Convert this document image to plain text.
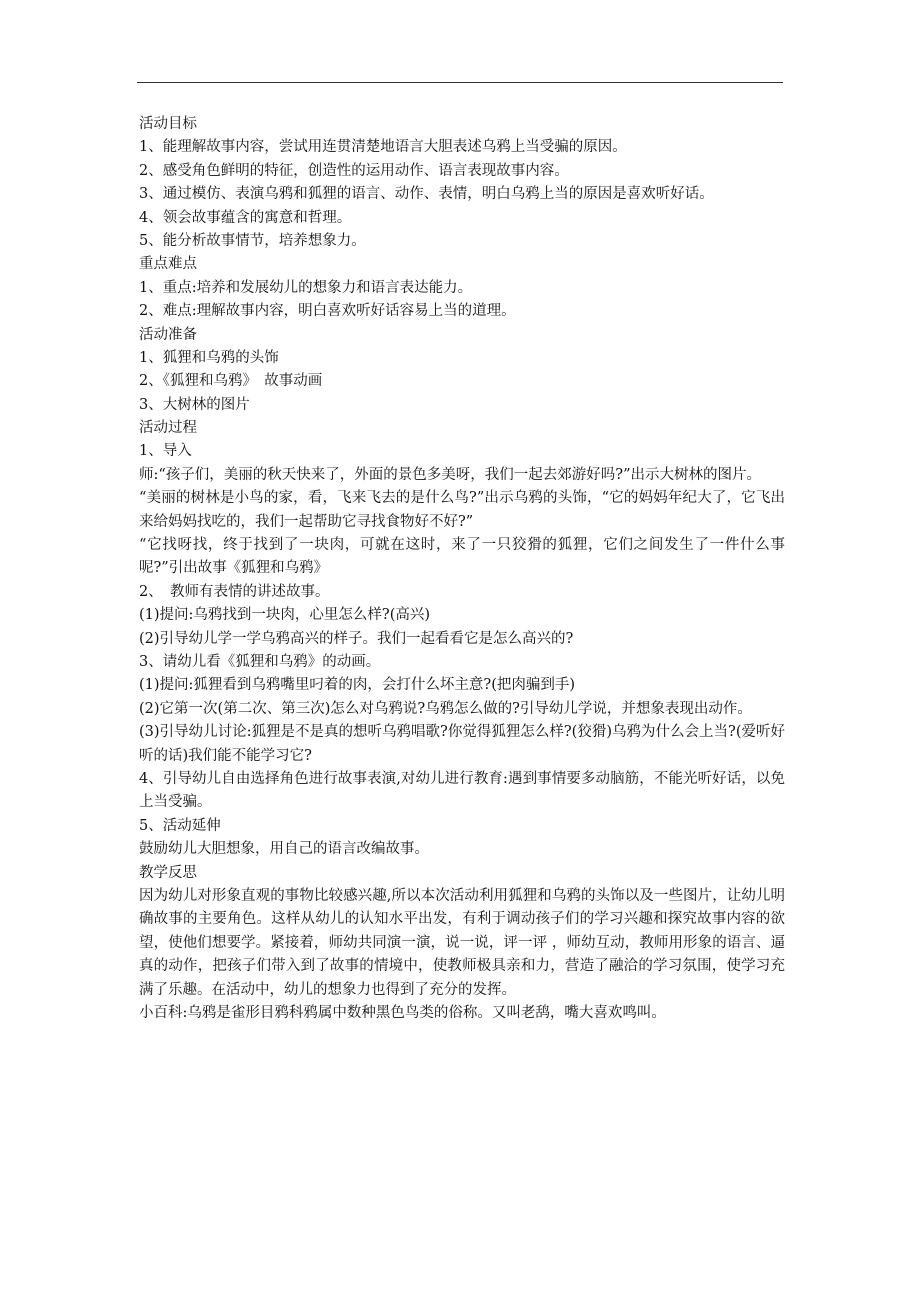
活动目标
1、能理解故事内容，尝试用连贯清楚地语言大胆表述乌鸦上当受骗的原因。
2、感受角色鲜明的特征，创造性的运用动作、语言表现故事内容。
3、通过模仿、表演乌鸦和狐狸的语言、动作、表情，明白乌鸦上当的原因是喜欢听好话。
4、领会故事蕴含的寓意和哲理。
5、能分析故事情节，培养想象力。
重点难点
1、重点:培养和发展幼儿的想象力和语言表达能力。
2、难点:理解故事内容，明白喜欢听好话容易上当的道理。
活动准备
1、狐狸和乌鸦的头饰
2、《狐狸和乌鸦》　故事动画
3、大树林的图片
活动过程
1、导入
师:“孩子们，美丽的秋天快来了，外面的景色多美呀，我们一起去郊游好吗?”出示大树林的图片。
“美丽的树林是小鸟的家，看，飞来飞去的是什么鸟?”出示乌鸦的头饰，“它的妈妈年纪大了，它飞出来给妈妈找吃的，我们一起帮助它寻找食物好不好?”
“它找呀找，终于找到了一块肉，可就在这时，来了一只狡猾的狐狸，它们之间发生了一件什么事呢?”引出故事《狐狸和乌鸦》
2、　教师有表情的讲述故事。
(1)提问:乌鸦找到一块肉，心里怎么样?(高兴)
(2)引导幼儿学一学乌鸦高兴的样子。我们一起看看它是怎么高兴的?
3、请幼儿看《狐狸和乌鸦》的动画。
(1)提问:狐狸看到乌鸦嘴里叼着的肉，会打什么坏主意?(把肉骗到手)
(2)它第一次(第二次、第三次)怎么对乌鸦说?乌鸦怎么做的?引导幼儿学说，并想象表现出动作。
(3)引导幼儿讨论:狐狸是不是真的想听乌鸦唱歌?你觉得狐狸怎么样?(狡猾)乌鸦为什么会上当?(爱听好听的话)我们能不能学习它?
4、引导幼儿自由选择角色进行故事表演,对幼儿进行教育:遇到事情要多动脑筋，不能光听好话，以免上当受骗。
5、活动延伸
鼓励幼儿大胆想象，用自己的语言改编故事。
教学反思
因为幼儿对形象直观的事物比较感兴趣,所以本次活动利用狐狸和乌鸦的头饰以及一些图片，让幼儿明确故事的主要角色。这样从幼儿的认知水平出发，有利于调动孩子们的学习兴趣和探究故事内容的欲望，使他们想要学。紧接着，师幼共同演一演，说一说，评一评 ，师幼互动，教师用形象的语言、逼真的动作，把孩子们带入到了故事的情境中，使教师极具亲和力，营造了融洽的学习氛围，使学习充满了乐趣。在活动中，幼儿的想象力也得到了充分的发挥。
小百科:乌鸦是雀形目鸦科鸦属中数种黑色鸟类的俗称。又叫老鸹，嘴大喜欢鸣叫。
